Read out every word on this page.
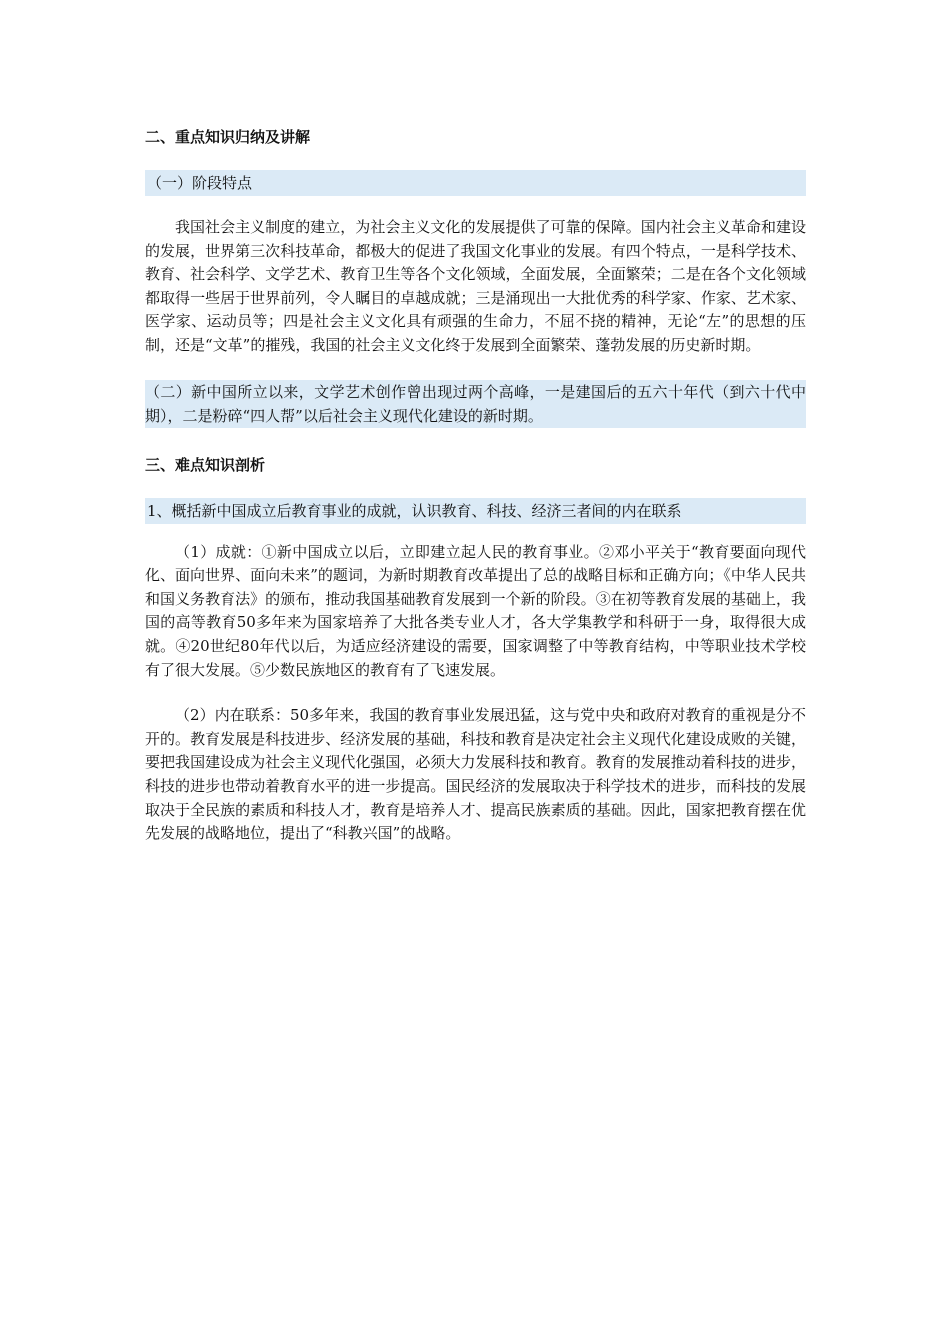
二、重点知识归纳及讲解
（一）阶段特点

我国社会主义制度的建立，为社会主义文化的发展提供了可靠的保障。国内社会主义革命和建设的发展，世界第三次科技革命，都极大的促进了我国文化事业的发展。有四个特点，一是科学技术、教育、社会科学、文学艺术、教育卫生等各个文化领域，全面发展，全面繁荣；二是在各个文化领域都取得一些居于世界前列，令人瞩目的卓越成就；三是涌现出一大批优秀的科学家、作家、艺术家、医学家、运动员等；四是社会主义文化具有顽强的生命力，不屈不挠的精神，无论“左”的思想的压制，还是“文革”的摧残，我国的社会主义文化终于发展到全面繁荣、蓬勃发展的历史新时期。

（二）新中国所立以来，文学艺术创作曾出现过两个高峰，一是建国后的五六十年代（到六十代中期），二是粉碎“四人帮”以后社会主义现代化建设的新时期。

三、难点知识剖析
1、概括新中国成立后教育事业的成就，认识教育、科技、经济三者间的内在联系

（1）成就：①新中国成立以后，立即建立起人民的教育事业。②邓小平关于“教育要面向现代化、面向世界、面向未来”的题词，为新时期教育改革提出了总的战略目标和正确方向；《中华人民共和国义务教育法》的颁布，推动我国基础教育发展到一个新的阶段。③在初等教育发展的基础上，我国的高等教育50多年来为国家培养了大批各类专业人才，各大学集教学和科研于一身，取得很大成就。④20世纪80年代以后，为适应经济建设的需要，国家调整了中等教育结构，中等职业技术学校有了很大发展。⑤少数民族地区的教育有了飞速发展。

（2）内在联系：50多年来，我国的教育事业发展迅猛，这与党中央和政府对教育的重视是分不开的。教育发展是科技进步、经济发展的基础，科技和教育是决定社会主义现代化建设成败的关键，要把我国建设成为社会主义现代化强国，必须大力发展科技和教育。教育的发展推动着科技的进步，科技的进步也带动着教育水平的进一步提高。国民经济的发展取决于科学技术的进步，而科技的发展取决于全民族的素质和科技人才，教育是培养人才、提高民族素质的基础。因此，国家把教育摆在优先发展的战略地位，提出了“科教兴国”的战略。
